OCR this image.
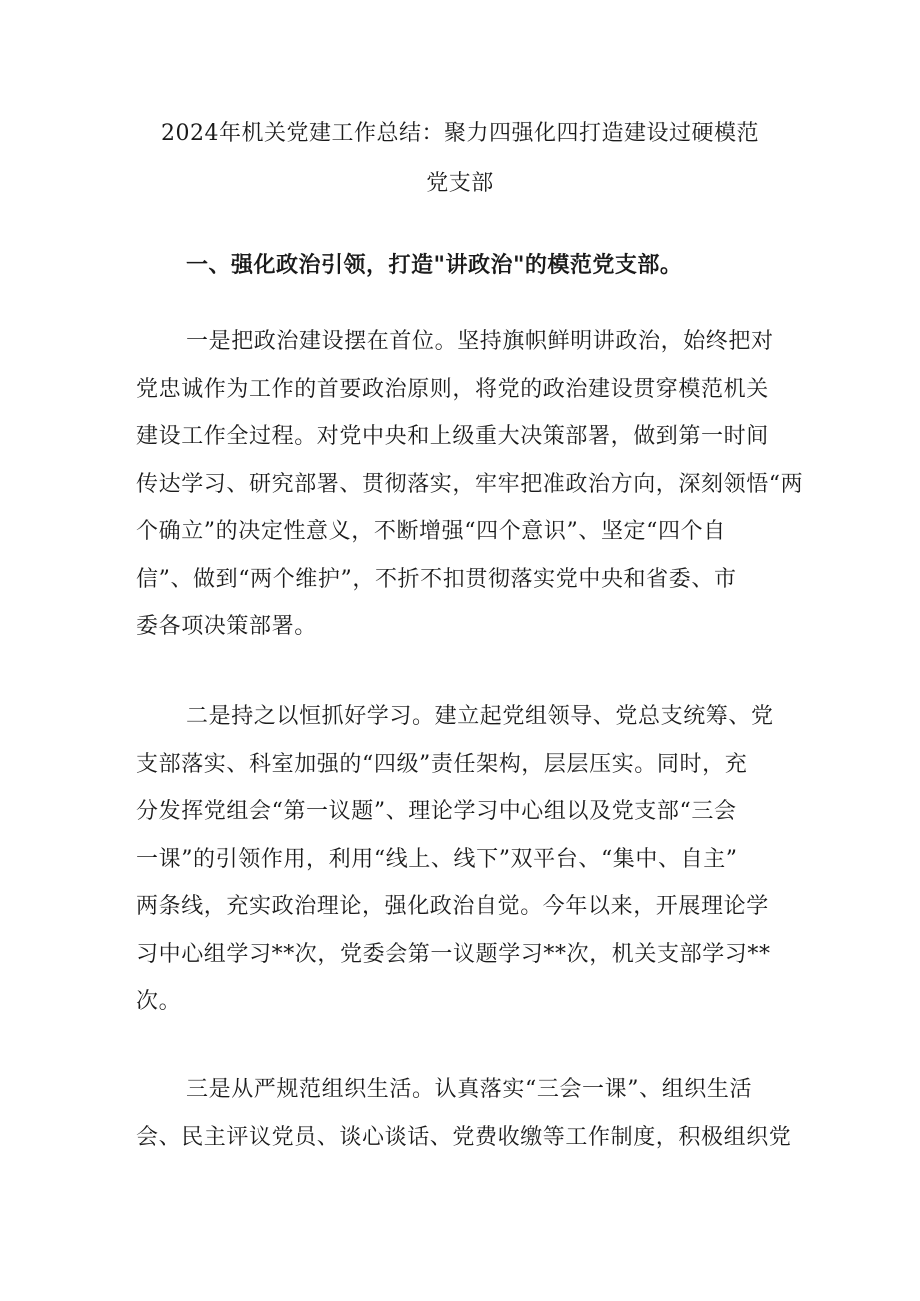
2024年机关党建工作总结：聚力四强化四打造建设过硬模范
党支部
一、强化政治引领，打造"讲政治"的模范党支部。

一是把政治建设摆在首位。坚持旗帜鲜明讲政治，始终把对
党忠诚作为工作的首要政治原则，将党的政治建设贯穿模范机关
建设工作全过程。对党中央和上级重大决策部署，做到第一时间
传达学习、研究部署、贯彻落实，牢牢把准政治方向，深刻领悟“两
个确立”的决定性意义，不断增强“四个意识”、坚定“四个自
信”、做到“两个维护”，不折不扣贯彻落实党中央和省委、市
委各项决策部署。

二是持之以恒抓好学习。建立起党组领导、党总支统筹、党
支部落实、科室加强的“四级”责任架构，层层压实。同时，充
分发挥党组会“第一议题”、理论学习中心组以及党支部“三会
一课”的引领作用，利用“线上、线下”双平台、“集中、自主”
两条线，充实政治理论，强化政治自觉。今年以来，开展理论学
习中心组学习**次，党委会第一议题学习**次，机关支部学习**
次。

三是从严规范组织生活。认真落实“三会一课”、组织生活
会、民主评议党员、谈心谈话、党费收缴等工作制度，积极组织党
